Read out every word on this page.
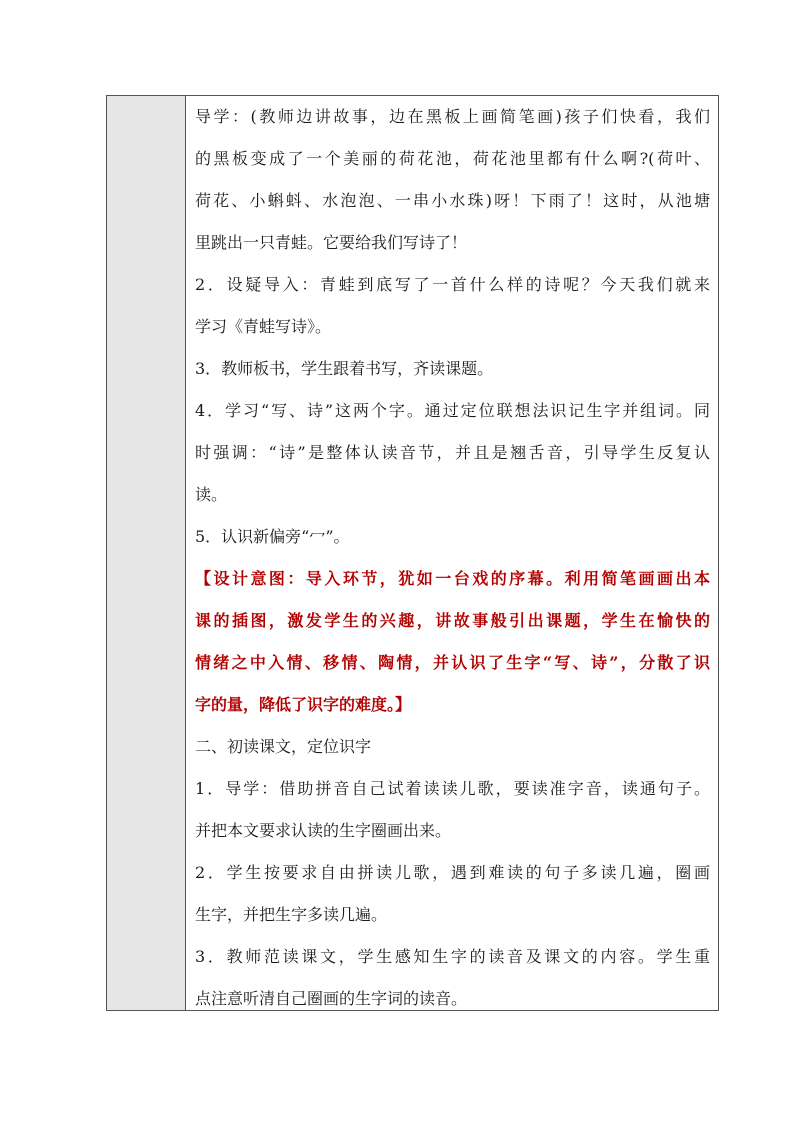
导学：(教师边讲故事，边在黑板上画简笔画)孩子们快看，我们
的黑板变成了一个美丽的荷花池，荷花池里都有什么啊?(荷叶、
荷花、小蝌蚪、水泡泡、一串小水珠)呀！下雨了！这时，从池塘
里跳出一只青蛙。它要给我们写诗了！
2．设疑导入：青蛙到底写了一首什么样的诗呢？今天我们就来
学习《青蛙写诗》。
3．教师板书，学生跟着书写，齐读课题。
4．学习“写、诗”这两个字。通过定位联想法识记生字并组词。同
时强调：“诗”是整体认读音节，并且是翘舌音，引导学生反复认
读。
5．认识新偏旁“冖”。
【设计意图：导入环节，犹如一台戏的序幕。利用简笔画画出本
课的插图，激发学生的兴趣，讲故事般引出课题，学生在愉快的
情绪之中入情、移情、陶情，并认识了生字“写、诗”，分散了识
字的量，降低了识字的难度。】
二、初读课文，定位识字
1．导学：借助拼音自己试着读读儿歌，要读准字音，读通句子。
并把本文要求认读的生字圈画出来。
2．学生按要求自由拼读儿歌，遇到难读的句子多读几遍，圈画
生字，并把生字多读几遍。
3．教师范读课文，学生感知生字的读音及课文的内容。学生重
点注意听清自己圈画的生字词的读音。
